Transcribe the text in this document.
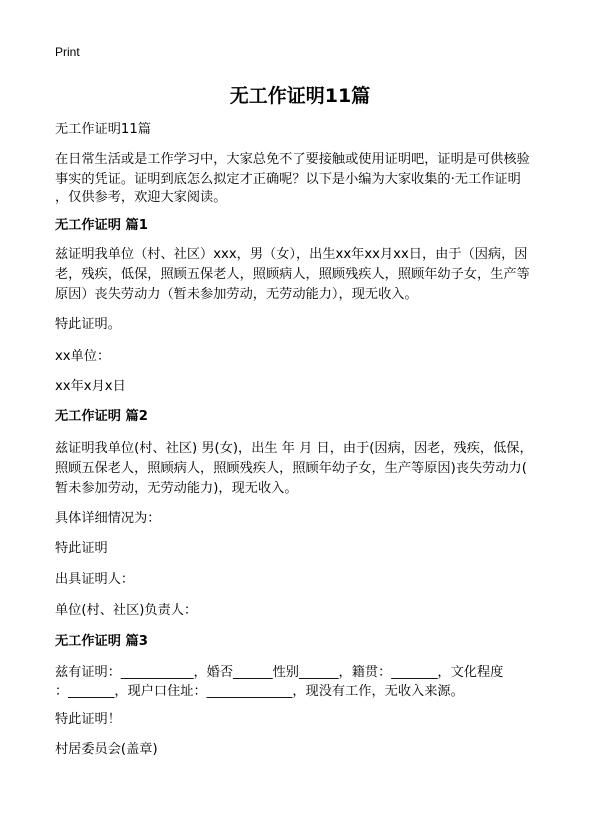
Print
无工作证明11篇
无工作证明11篇
在日常生活或是工作学习中，大家总免不了要接触或使用证明吧，证明是可供核验
事实的凭证。证明到底怎么拟定才正确呢？以下是小编为大家收集的·无工作证明
，仅供参考，欢迎大家阅读。
无工作证明 篇1
兹证明我单位（村、社区）xxx，男（女），出生xx年xx月xx日，由于（因病，因
老，残疾，低保，照顾五保老人，照顾病人，照顾残疾人，照顾年幼子女，生产等
原因）丧失劳动力（暂未参加劳动，无劳动能力），现无收入。
特此证明。
xx单位：
xx年x月x日
无工作证明 篇2
兹证明我单位(村、社区) 男(女)，出生 年 月 日，由于(因病，因老，残疾，低保，
照顾五保老人，照顾病人，照顾残疾人，照顾年幼子女，生产等原因)丧失劳动力(
暂未参加劳动，无劳动能力)，现无收入。
具体详细情况为：
特此证明
出具证明人：
单位(村、社区)负责人：
无工作证明 篇3
兹有证明：___________，婚否______性别______，籍贯：_______，文化程度
：_______，现户口住址：_____________，现没有工作，无收入来源。
特此证明！
村居委员会(盖章)
